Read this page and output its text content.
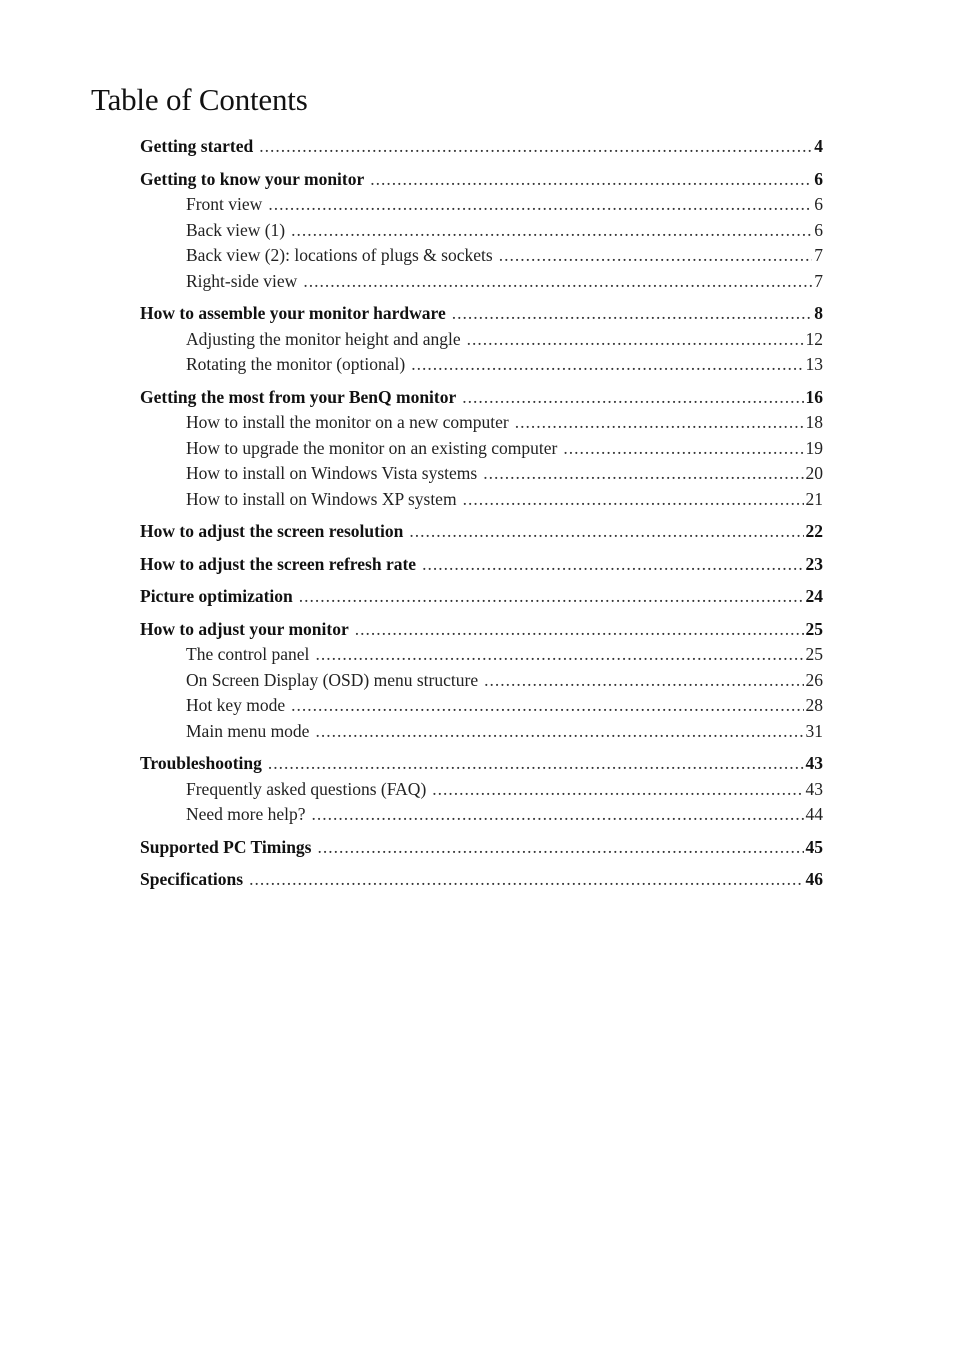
Table of Contents
Getting started .....	4
Getting to know your monitor .....	6
Front view .....	6
Back view (1) .....	6
Back view (2): locations of plugs & sockets .....	7
Right-side view .....	7
How to assemble your monitor hardware .....	8
Adjusting the monitor height and angle .....	12
Rotating the monitor (optional) .....	13
Getting the most from your BenQ monitor .....	16
How to install the monitor on a new computer .....	18
How to upgrade the monitor on an existing computer .....	19
How to install on Windows Vista systems .....	20
How to install on Windows XP system .....	21
How to adjust the screen resolution .....	22
How to adjust the screen refresh rate .....	23
Picture optimization .....	24
How to adjust your monitor .....	25
The control panel .....	25
On Screen Display (OSD) menu structure .....	26
Hot key mode .....	28
Main menu mode .....	31
Troubleshooting .....	43
Frequently asked questions (FAQ) .....	43
Need more help? .....	44
Supported PC Timings .....	45
Specifications .....	46
